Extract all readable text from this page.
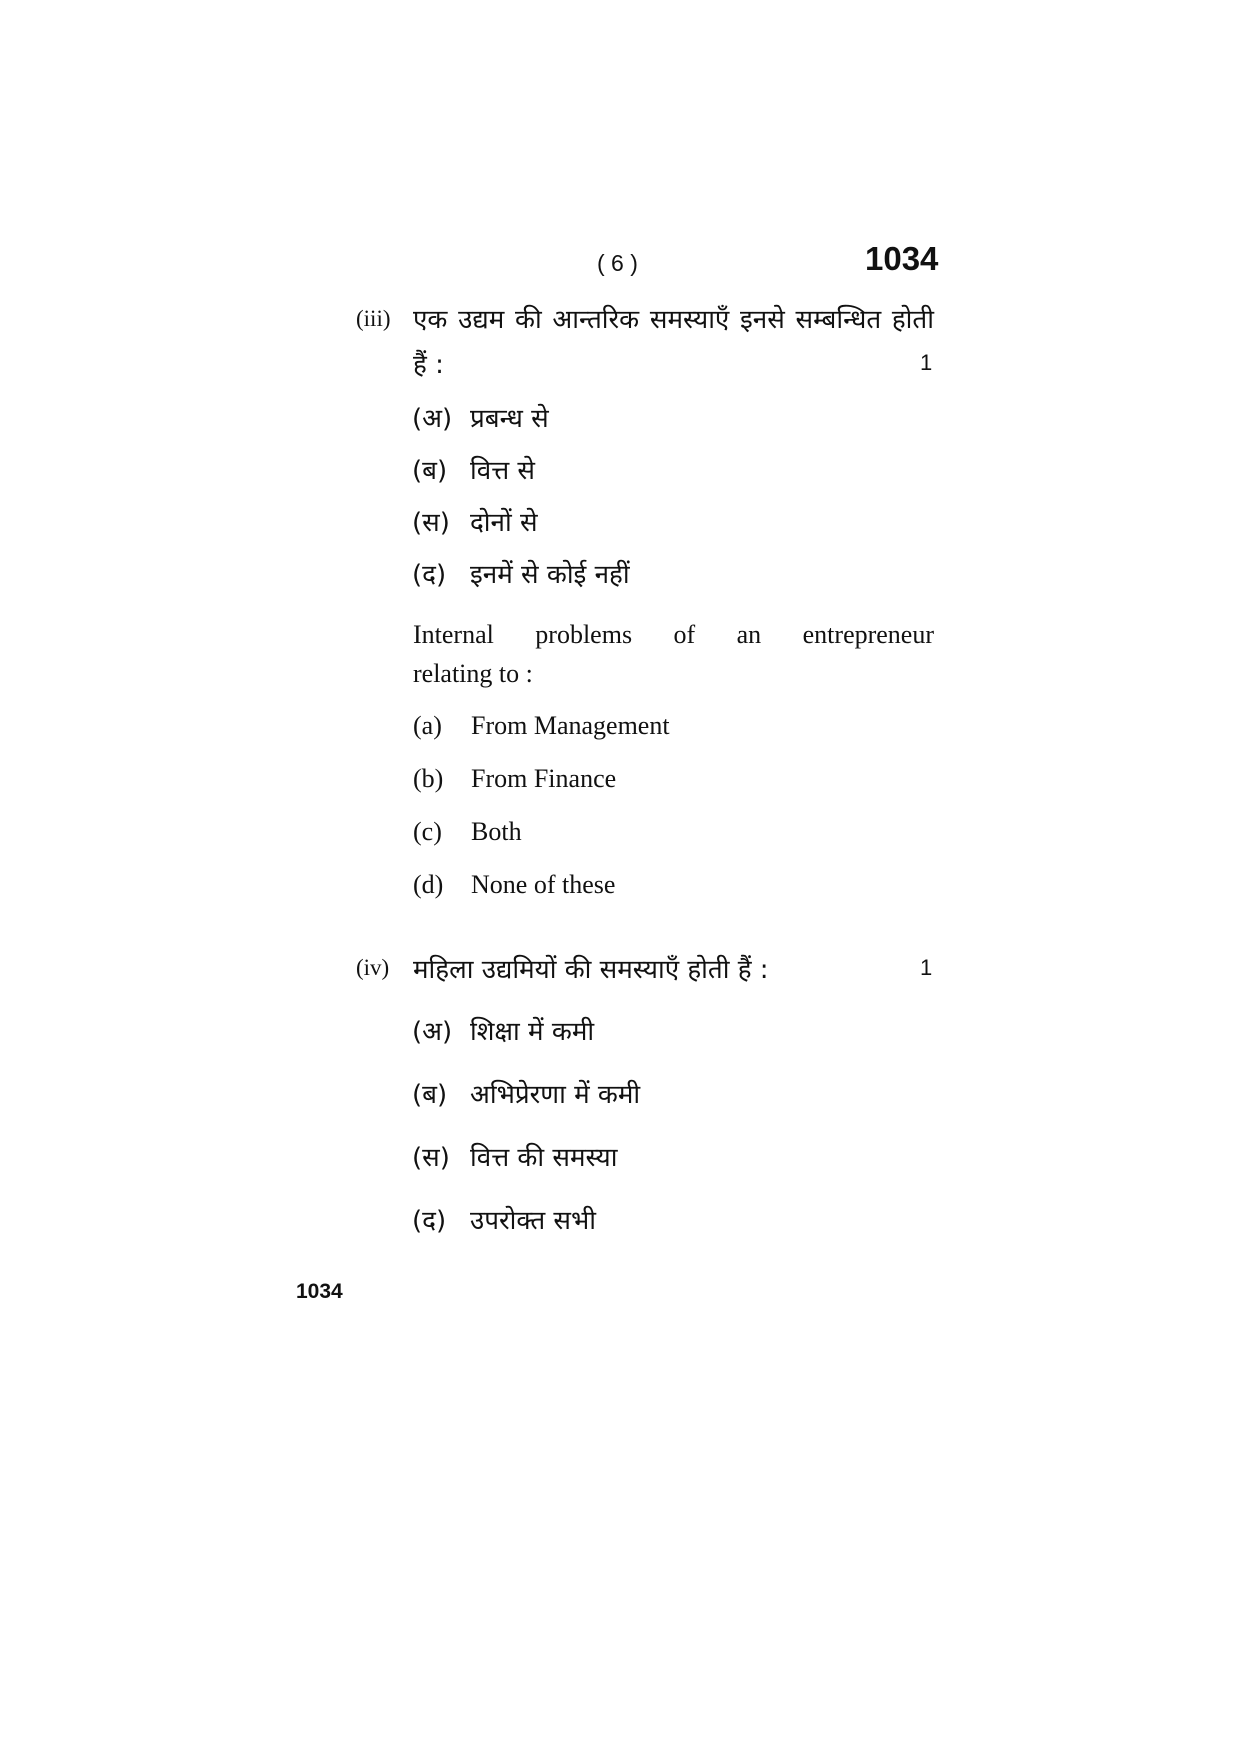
( 6 )	1034
(iii) एक उद्यम की आन्तरिक समस्याएँ इनसे सम्बन्धित होती
हैं :	1
(अ) प्रबन्ध से
(ब) वित्त से
(स) दोनों से
(द) इनमें से कोई नहीं
Internal problems of an entrepreneur
relating to :
(a) From Management
(b) From Finance
(c) Both
(d) None of these
(iv) महिला उद्यमियों की समस्याएँ होती हैं :	1
(अ) शिक्षा में कमी
(ब) अभिप्रेरणा में कमी
(स) वित्त की समस्या
(द) उपरोक्त सभी
1034
